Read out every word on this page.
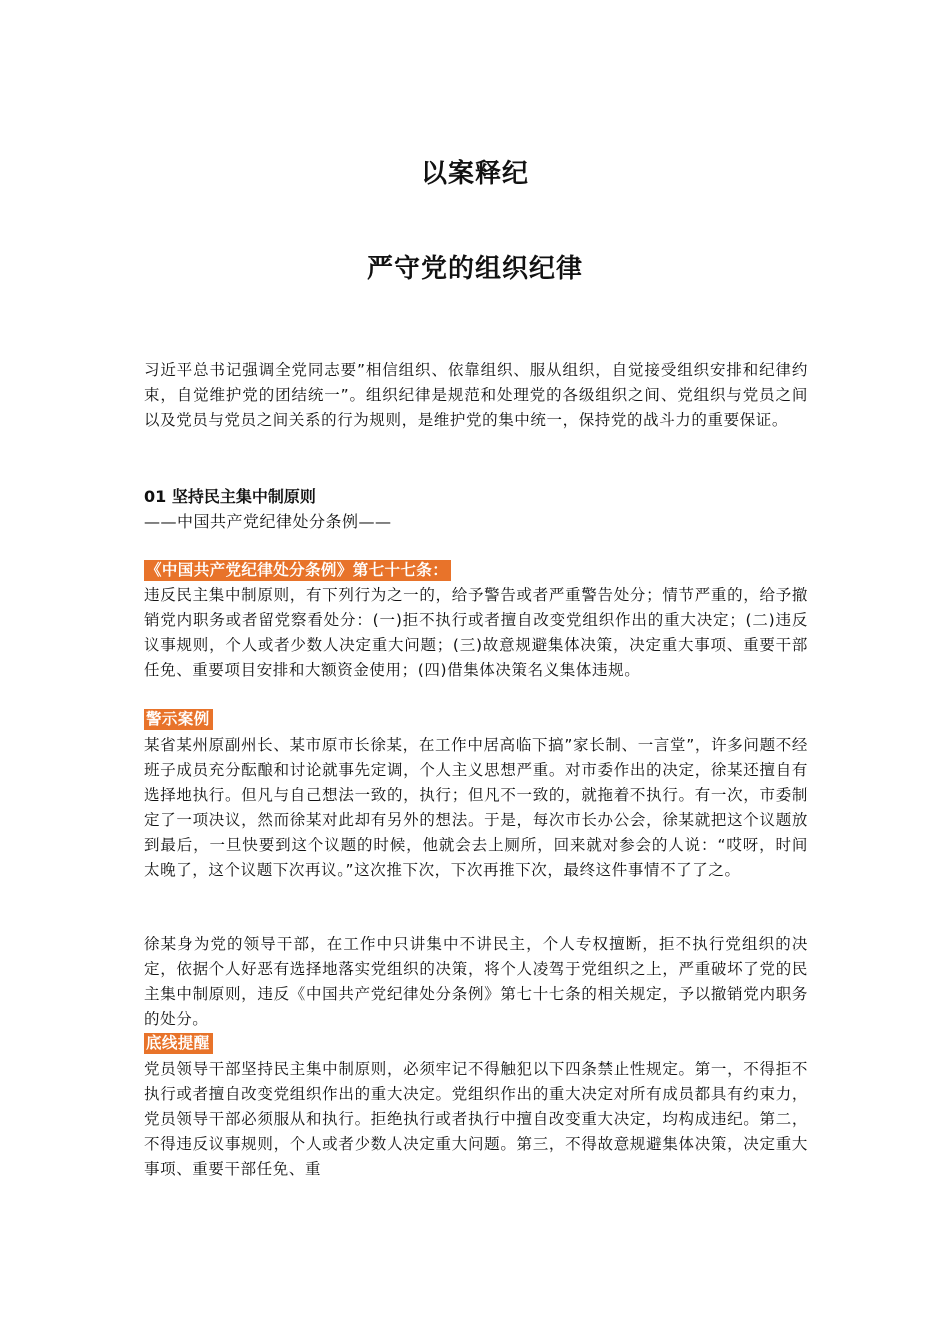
以案释纪
严守党的组织纪律

习近平总书记强调全党同志要”相信组织、依靠组织、服从组织，自觉接受组织安排和纪律约束，自觉维护党的团结统一”。组织纪律是规范和处理党的各级组织之间、党组织与党员之间以及党员与党员之间关系的行为规则，是维护党的集中统一，保持党的战斗力的重要保证。

01 坚持民主集中制原则
——中国共产党纪律处分条例——
《中国共产党纪律处分条例》第七十七条：

违反民主集中制原则，有下列行为之一的，给予警告或者严重警告处分；情节严重的，给予撤销党内职务或者留党察看处分：(一)拒不执行或者擅自改变党组织作出的重大决定；(二)违反议事规则，个人或者少数人决定重大问题；(三)故意规避集体决策，决定重大事项、重要干部任免、重要项目安排和大额资金使用；(四)借集体决策名义集体违规。

警示案例

某省某州原副州长、某市原市长徐某，在工作中居高临下搞”家长制、一言堂”，许多问题不经班子成员充分酝酿和讨论就事先定调，个人主义思想严重。对市委作出的决定，徐某还擅自有选择地执行。但凡与自己想法一致的，执行；但凡不一致的，就拖着不执行。有一次，市委制定了一项决议，然而徐某对此却有另外的想法。于是，每次市长办公会，徐某就把这个议题放到最后，一旦快要到这个议题的时候，他就会去上厕所，回来就对参会的人说：“哎呀，时间太晚了，这个议题下次再议。”这次推下次，下次再推下次，最终这件事情不了了之。

徐某身为党的领导干部，在工作中只讲集中不讲民主，个人专权擅断，拒不执行党组织的决定，依据个人好恶有选择地落实党组织的决策，将个人凌驾于党组织之上，严重破坏了党的民主集中制原则，违反《中国共产党纪律处分条例》第七十七条的相关规定，予以撤销党内职务的处分。

底线提醒

党员领导干部坚持民主集中制原则，必须牢记不得触犯以下四条禁止性规定。第一，不得拒不执行或者擅自改变党组织作出的重大决定。党组织作出的重大决定对所有成员都具有约束力，党员领导干部必须服从和执行。拒绝执行或者执行中擅自改变重大决定，均构成违纪。第二，不得违反议事规则，个人或者少数人决定重大问题。第三，不得故意规避集体决策，决定重大事项、重要干部任免、重
